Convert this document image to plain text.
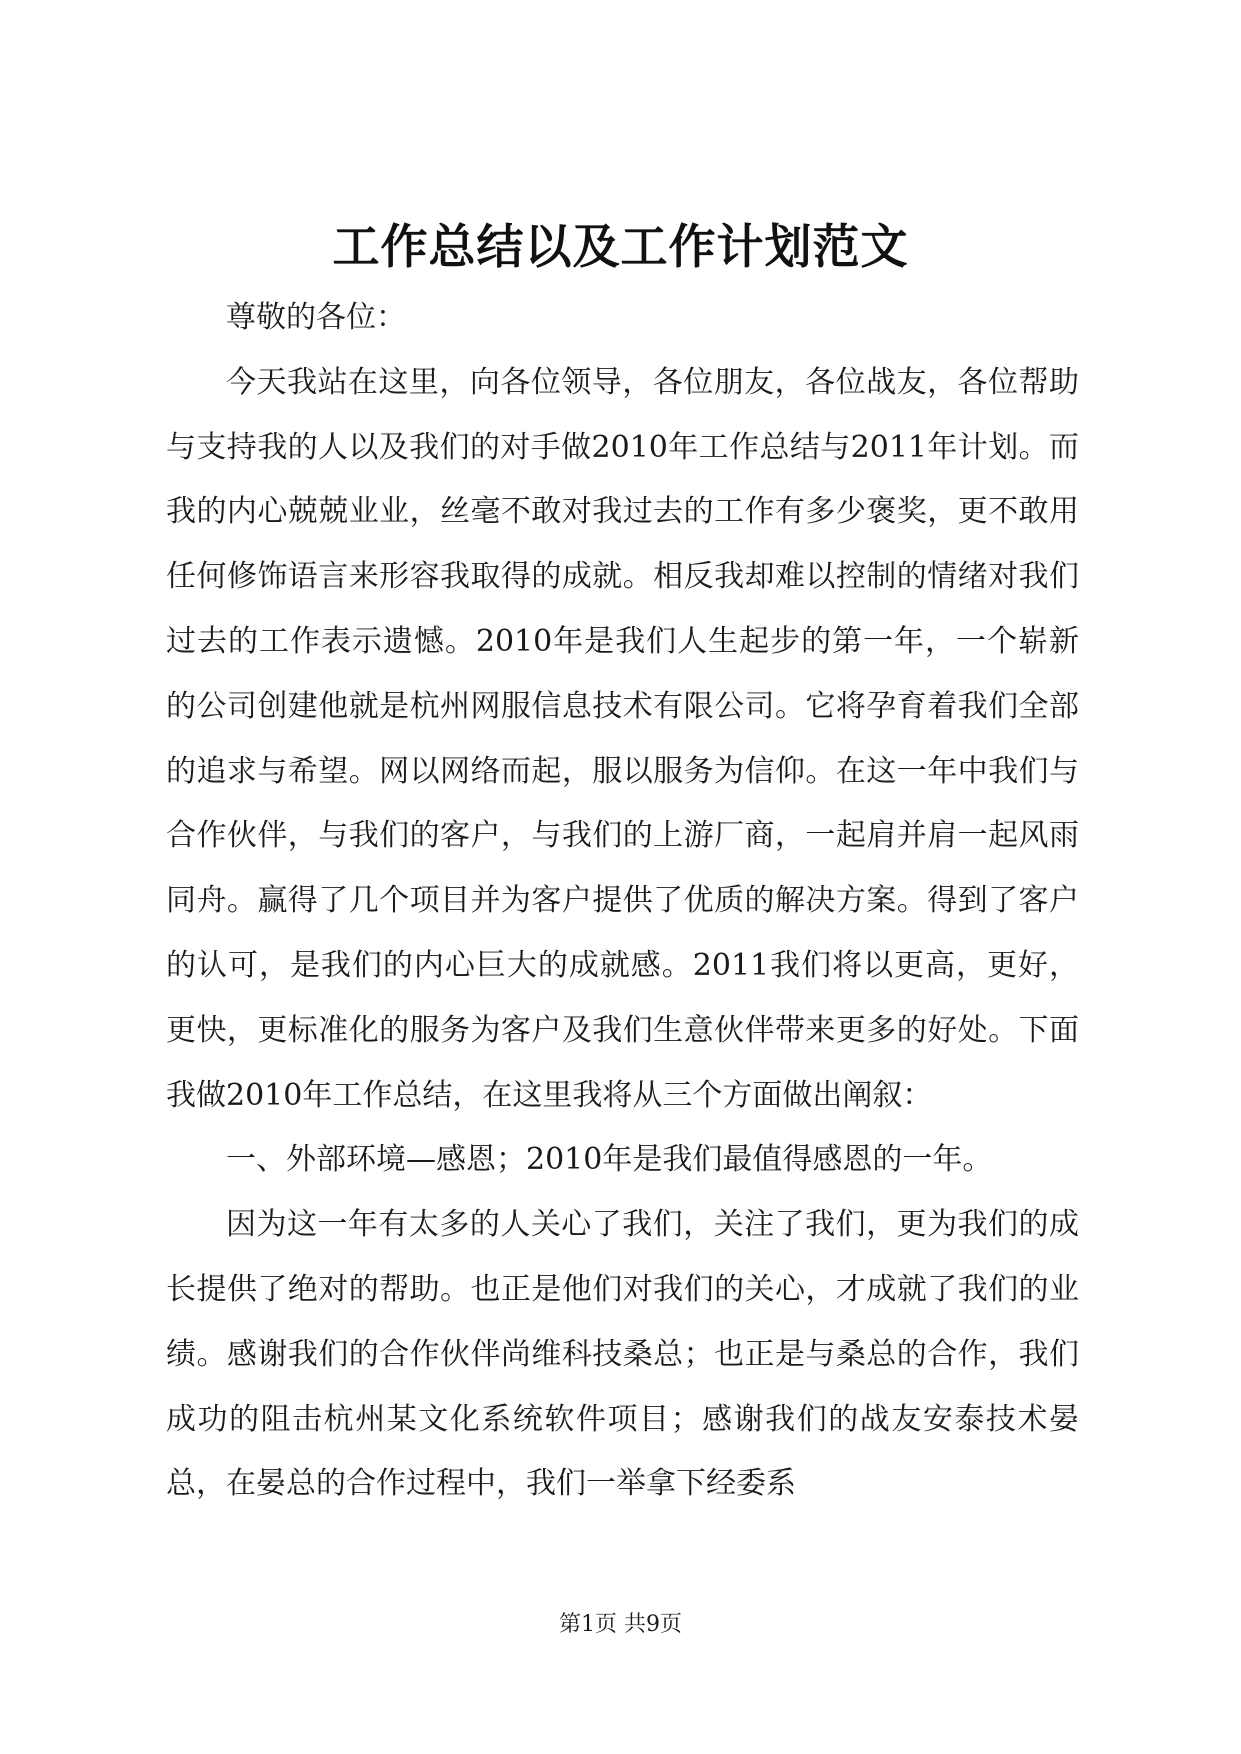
工作总结以及工作计划范文

尊敬的各位：

今天我站在这里，向各位领导，各位朋友，各位战友，各位帮助与支持我的人以及我们的对手做2010年工作总结与2011年计划。而我的内心兢兢业业，丝毫不敢对我过去的工作有多少褒奖，更不敢用任何修饰语言来形容我取得的成就。相反我却难以控制的情绪对我们过去的工作表示遗憾。2010年是我们人生起步的第一年，一个崭新的公司创建他就是杭州网服信息技术有限公司。它将孕育着我们全部的追求与希望。网以网络而起，服以服务为信仰。在这一年中我们与合作伙伴，与我们的客户，与我们的上游厂商，一起肩并肩一起风雨同舟。赢得了几个项目并为客户提供了优质的解决方案。得到了客户的认可，是我们的内心巨大的成就感。2011我们将以更高，更好，更快，更标准化的服务为客户及我们生意伙伴带来更多的好处。下面我做2010年工作总结，在这里我将从三个方面做出阐叙：

一、外部环境—感恩；2010年是我们最值得感恩的一年。

因为这一年有太多的人关心了我们，关注了我们，更为我们的成长提供了绝对的帮助。也正是他们对我们的关心，才成就了我们的业绩。感谢我们的合作伙伴尚维科技桑总；也正是与桑总的合作，我们成功的阻击杭州某文化系统软件项目；感谢我们的战友安泰技术晏总，在晏总的合作过程中，我们一举拿下经委系

第1页 共9页
